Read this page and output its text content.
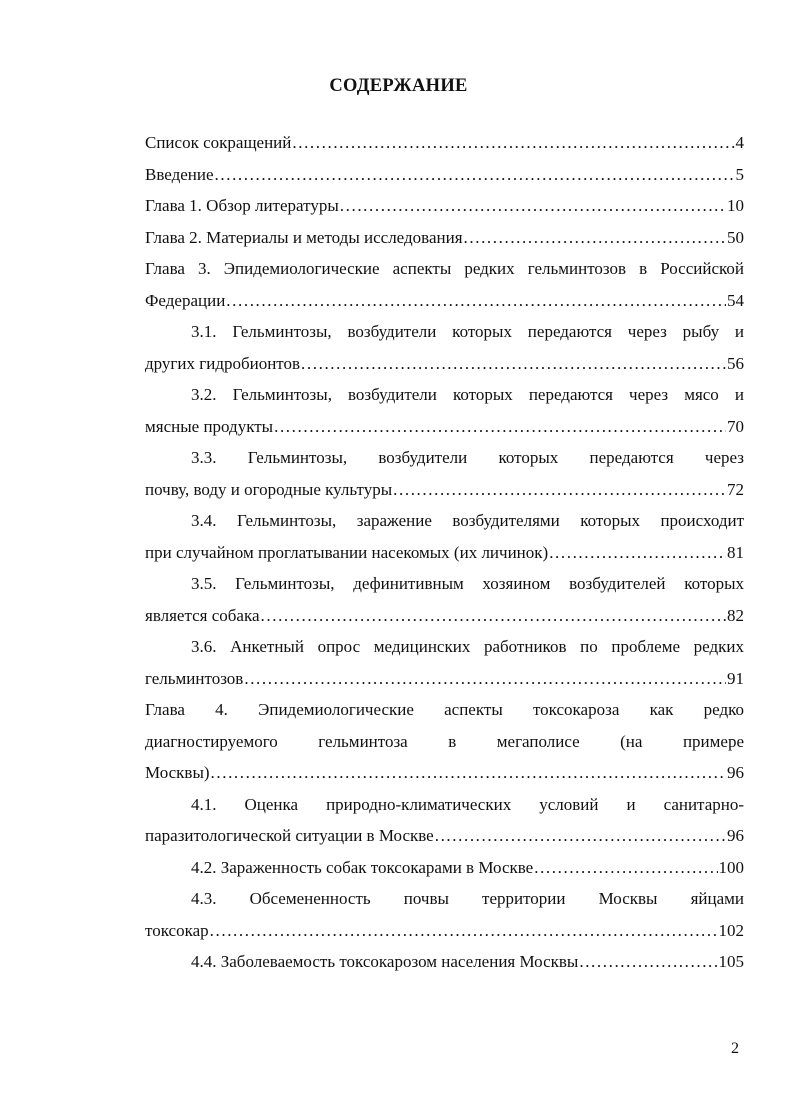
СОДЕРЖАНИЕ
Список сокращений .....	4
Введение .....	5
Глава 1. Обзор литературы .....	10
Глава 2. Материалы и методы исследования .....	50
Глава 3. Эпидемиологические аспекты редких гельминтозов в Российской
Федерации .....	54
3.1. Гельминтозы, возбудители которых передаются через рыбу и
других гидробионтов .....	56
3.2. Гельминтозы, возбудители которых передаются через мясо и
мясные продукты .....	70
3.3. Гельминтозы, возбудители которых передаются через
почву, воду и огородные культуры .....	72
3.4. Гельминтозы, заражение возбудителями которых происходит
при случайном проглатывании насекомых (их личинок) .....	81
3.5. Гельминтозы, дефинитивным хозяином возбудителей которых
является собака .....	82
3.6. Анкетный опрос медицинских работников по проблеме редких
гельминтозов .....	91
Глава 4. Эпидемиологические аспекты токсокароза как редко
диагностируемого гельминтоза в мегаполисе (на примере
Москвы) .....	96
4.1. Оценка природно-климатических условий и санитарно-
паразитологической ситуации в Москве .....	96
4.2. Зараженность собак токсокарами в Москве .....	100
4.3. Обсемененность почвы территории Москвы яйцами
токсокар .....	102
4.4. Заболеваемость токсокарозом населения Москвы .....	105
2
